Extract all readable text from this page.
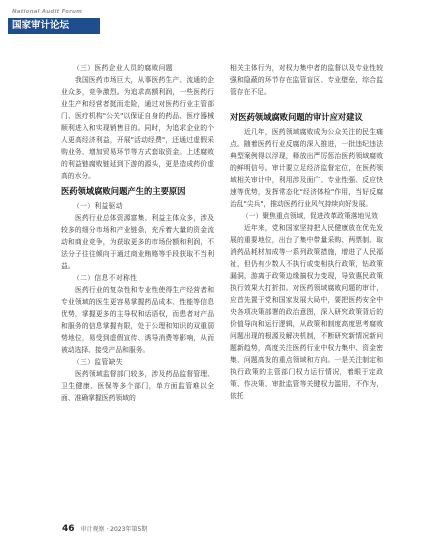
National Audit Forum
国家审计论坛

（三）医药企业人员的腐败问题

我国医药市场巨大，从事医药生产、流通的企业众多，竞争激烈。为追求高额利润，一些医药行业生产和经营者挺而走险，通过对医药行业主管部门、医疗机构"公关"以保证自身的药品、医疗器械顺利进入和实现销售目的。同时，为追求企业的个人更高经济利益，开展"活动经费"，还通过虚假采购业务、增加贸易环节等方式套取资金。上述腐败的利益链腐败链延到下游的源头，更是造成药价虚高的水分。

医药领域腐败问题产生的主要原因

（一）利益驱动

医药行业总体资源富集、利益主体众多，涉及较多的细分市场和产业链条，充斥着大量的资金流动和商业竞争，为获取更多的市场份额和利润，不法分子往往倾向于通过商业贿赂等手段获取不当利益。

（二）信息不对称性

医药行业的复杂性和专业性使得生产经营者和专业领域的医生更容易掌握药品成本、性能等信息优势，掌握更多的主导权和话语权，而患者对产品和服务的信息掌握有限，处于公理和知识的双重弱势地位，易受到虚假宣传、诱导消费等影响，从而被动选择、接受产品和服务。

（三）监管缺失

医药领域监督部门较多，涉及药品监督管理、卫生健康、医保等多个部门，单方面监管难以全面、准确掌握医药领域的

相关主体行为，对权力集中者的监督以及专业性较强和隐蔽的环节存在监管盲区、专业壁垒，综合监管存在不足。

对医药领域腐败问题的审计应对建议

近几年，医药领域腐败成为公众关注的民生痛点。随着医药行业反腐的深入推进，一批违纪违法典型案例得以浮现，释放出严厉惩治医药领域腐败的鲜明信号。审计要立足经济监督定位，在医药领域相关审计中，利用涉及面广、专业性强、反应快速等优势，发挥常态化"经济体检"作用，当好反腐治乱"尖兵"，推动医药行业风气持续向好发展。

（一）聚焦重点领域，促进改革政策落地见效

近年来，党和国家坚持把人民健康放在优先发展的重要地位，出台了集中带量采购、两票制、取消药品耗材加成等一系列政策措施，增进了人民福祉，但仍有少数人不执行或变相执行政策，钻政策漏洞，游离于政策边缘搞权力变现，导致惠民政策执行效果大打折扣。对医药领域腐败问题的审计，应首先置于党和国家发展大局中，要把医药安全中央各项决策部署的政治意图，深入研究政策背后的价值导向和运行逻辑，从政策和制度高度思考腐败问题出现的根源及解决机制，不断研究新情况新问题新趋势，高度关注医药行业中权力集中、资金密集、问题高发的重点领域和方向。一是关注制定和执行政策的主管部门权力运行情况，着眼于定政策、作决策、审批监管等关键权力滥用、不作为，依托

46 审计观察 · 2023年第5期
